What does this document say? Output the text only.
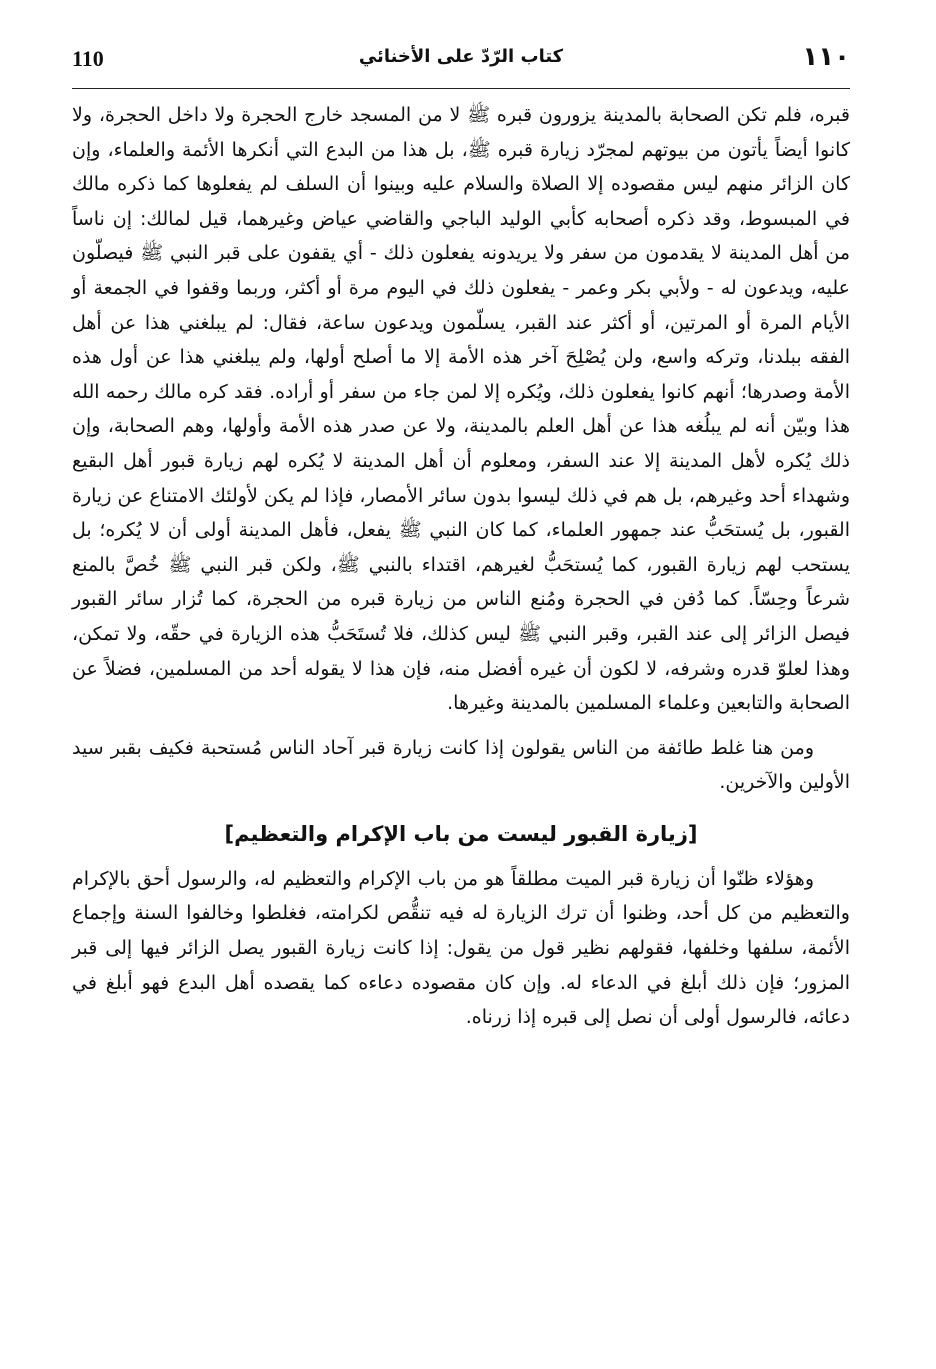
110	كتاب الرّدّ على الأخنائي	١١٠

قبره، فلم تكن الصحابة بالمدينة يزورون قبره ﷺ لا من المسجد خارج الحجرة ولا داخل الحجرة، ولا كانوا أيضاً يأتون من بيوتهم لمجرّد زيارة قبره ﷺ، بل هذا من البدع التي أنكرها الأئمة والعلماء، وإن كان الزائر منهم ليس مقصوده إلا الصلاة والسلام عليه وبينوا أن السلف لم يفعلوها كما ذكره مالك في المبسوط، وقد ذكره أصحابه كأبي الوليد الباجي والقاضي عياض وغيرهما، قيل لمالك: إن ناساً من أهل المدينة لا يقدمون من سفر ولا يريدونه يفعلون ذلك - أي يقفون على قبر النبي ﷺ فيصلّون عليه، ويدعون له - ولأبي بكر وعمر - يفعلون ذلك في اليوم مرة أو أكثر، وربما وقفوا في الجمعة أو الأيام المرة أو المرتين، أو أكثر عند القبر، يسلّمون ويدعون ساعة، فقال: لم يبلغني هذا عن أهل الفقه ببلدنا، وتركه واسع، ولن يُصْلِحَ آخر هذه الأمة إلا ما أصلح أولها، ولم يبلغني هذا عن أول هذه الأمة وصدرها؛ أنهم كانوا يفعلون ذلك، ويُكره إلا لمن جاء من سفر أو أراده. فقد كره مالك رحمه الله هذا وبيّن أنه لم يبلُغه هذا عن أهل العلم بالمدينة، ولا عن صدر هذه الأمة وأولها، وهم الصحابة، وإن ذلك يُكره لأهل المدينة إلا عند السفر، ومعلوم أن أهل المدينة لا يُكره لهم زيارة قبور أهل البقيع وشهداء أحد وغيرهم، بل هم في ذلك ليسوا بدون سائر الأمصار، فإذا لم يكن لأولئك الامتناع عن زيارة القبور، بل يُستحَبُّ عند جمهور العلماء، كما كان النبي ﷺ يفعل، فأهل المدينة أولى أن لا يُكره؛ بل يستحب لهم زيارة القبور، كما يُستحَبُّ لغيرهم، اقتداء بالنبي ﷺ، ولكن قبر النبي ﷺ خُصَّ بالمنع شرعاً وحِسّاً. كما دُفن في الحجرة ومُنع الناس من زيارة قبره من الحجرة، كما تُزار سائر القبور فيصل الزائر إلى عند القبر، وقبر النبي ﷺ ليس كذلك، فلا تُستَحَبُّ هذه الزيارة في حقّه، ولا تمكن، وهذا لعلوّ قدره وشرفه، لا لكون أن غيره أفضل منه، فإن هذا لا يقوله أحد من المسلمين، فضلاً عن الصحابة والتابعين وعلماء المسلمين بالمدينة وغيرها.

ومن هنا غلط طائفة من الناس يقولون إذا كانت زيارة قبر آحاد الناس مُستحبة فكيف بقبر سيد الأولين والآخرين.

[زيارة القبور ليست من باب الإكرام والتعظيم]

وهؤلاء ظنّوا أن زيارة قبر الميت مطلقاً هو من باب الإكرام والتعظيم له، والرسول أحق بالإكرام والتعظيم من كل أحد، وظنوا أن ترك الزيارة له فيه تنقُّص لكرامته، فغلطوا وخالفوا السنة وإجماع الأئمة، سلفها وخلفها، فقولهم نظير قول من يقول: إذا كانت زيارة القبور يصل الزائر فيها إلى قبر المزور؛ فإن ذلك أبلغ في الدعاء له. وإن كان مقصوده دعاءه كما يقصده أهل البدع فهو أبلغ في دعائه، فالرسول أولى أن نصل إلى قبره إذا زرناه.
